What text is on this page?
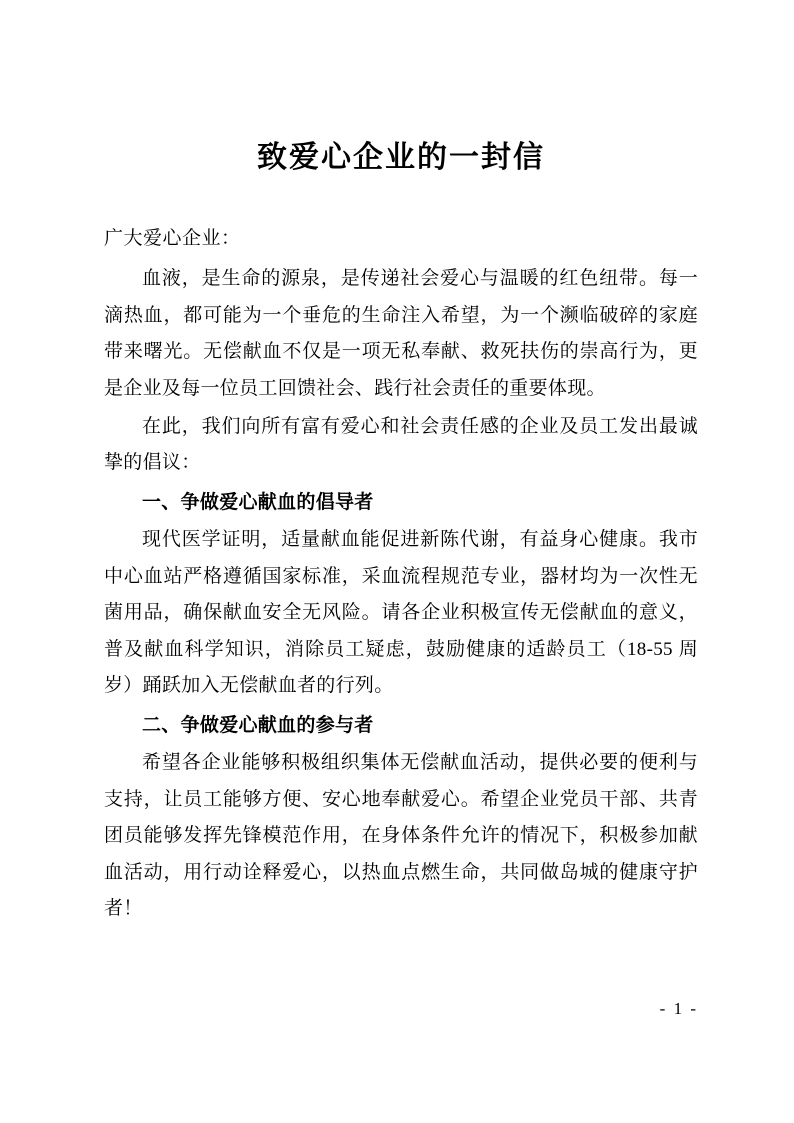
致爱心企业的一封信
广大爱心企业：

血液，是生命的源泉，是传递社会爱心与温暖的红色纽带。每一滴热血，都可能为一个垂危的生命注入希望，为一个濒临破碎的家庭带来曙光。无偿献血不仅是一项无私奉献、救死扶伤的崇高行为，更是企业及每一位员工回馈社会、践行社会责任的重要体现。

在此，我们向所有富有爱心和社会责任感的企业及员工发出最诚挚的倡议：

一、争做爱心献血的倡导者

现代医学证明，适量献血能促进新陈代谢，有益身心健康。我市中心血站严格遵循国家标准，采血流程规范专业，器材均为一次性无菌用品，确保献血安全无风险。请各企业积极宣传无偿献血的意义，普及献血科学知识，消除员工疑虑，鼓励健康的适龄员工（18-55 周岁）踊跃加入无偿献血者的行列。

二、争做爱心献血的参与者

希望各企业能够积极组织集体无偿献血活动，提供必要的便利与支持，让员工能够方便、安心地奉献爱心。希望企业党员干部、共青团员能够发挥先锋模范作用，在身体条件允许的情况下，积极参加献血活动，用行动诠释爱心，以热血点燃生命，共同做岛城的健康守护者！

- 1 -
